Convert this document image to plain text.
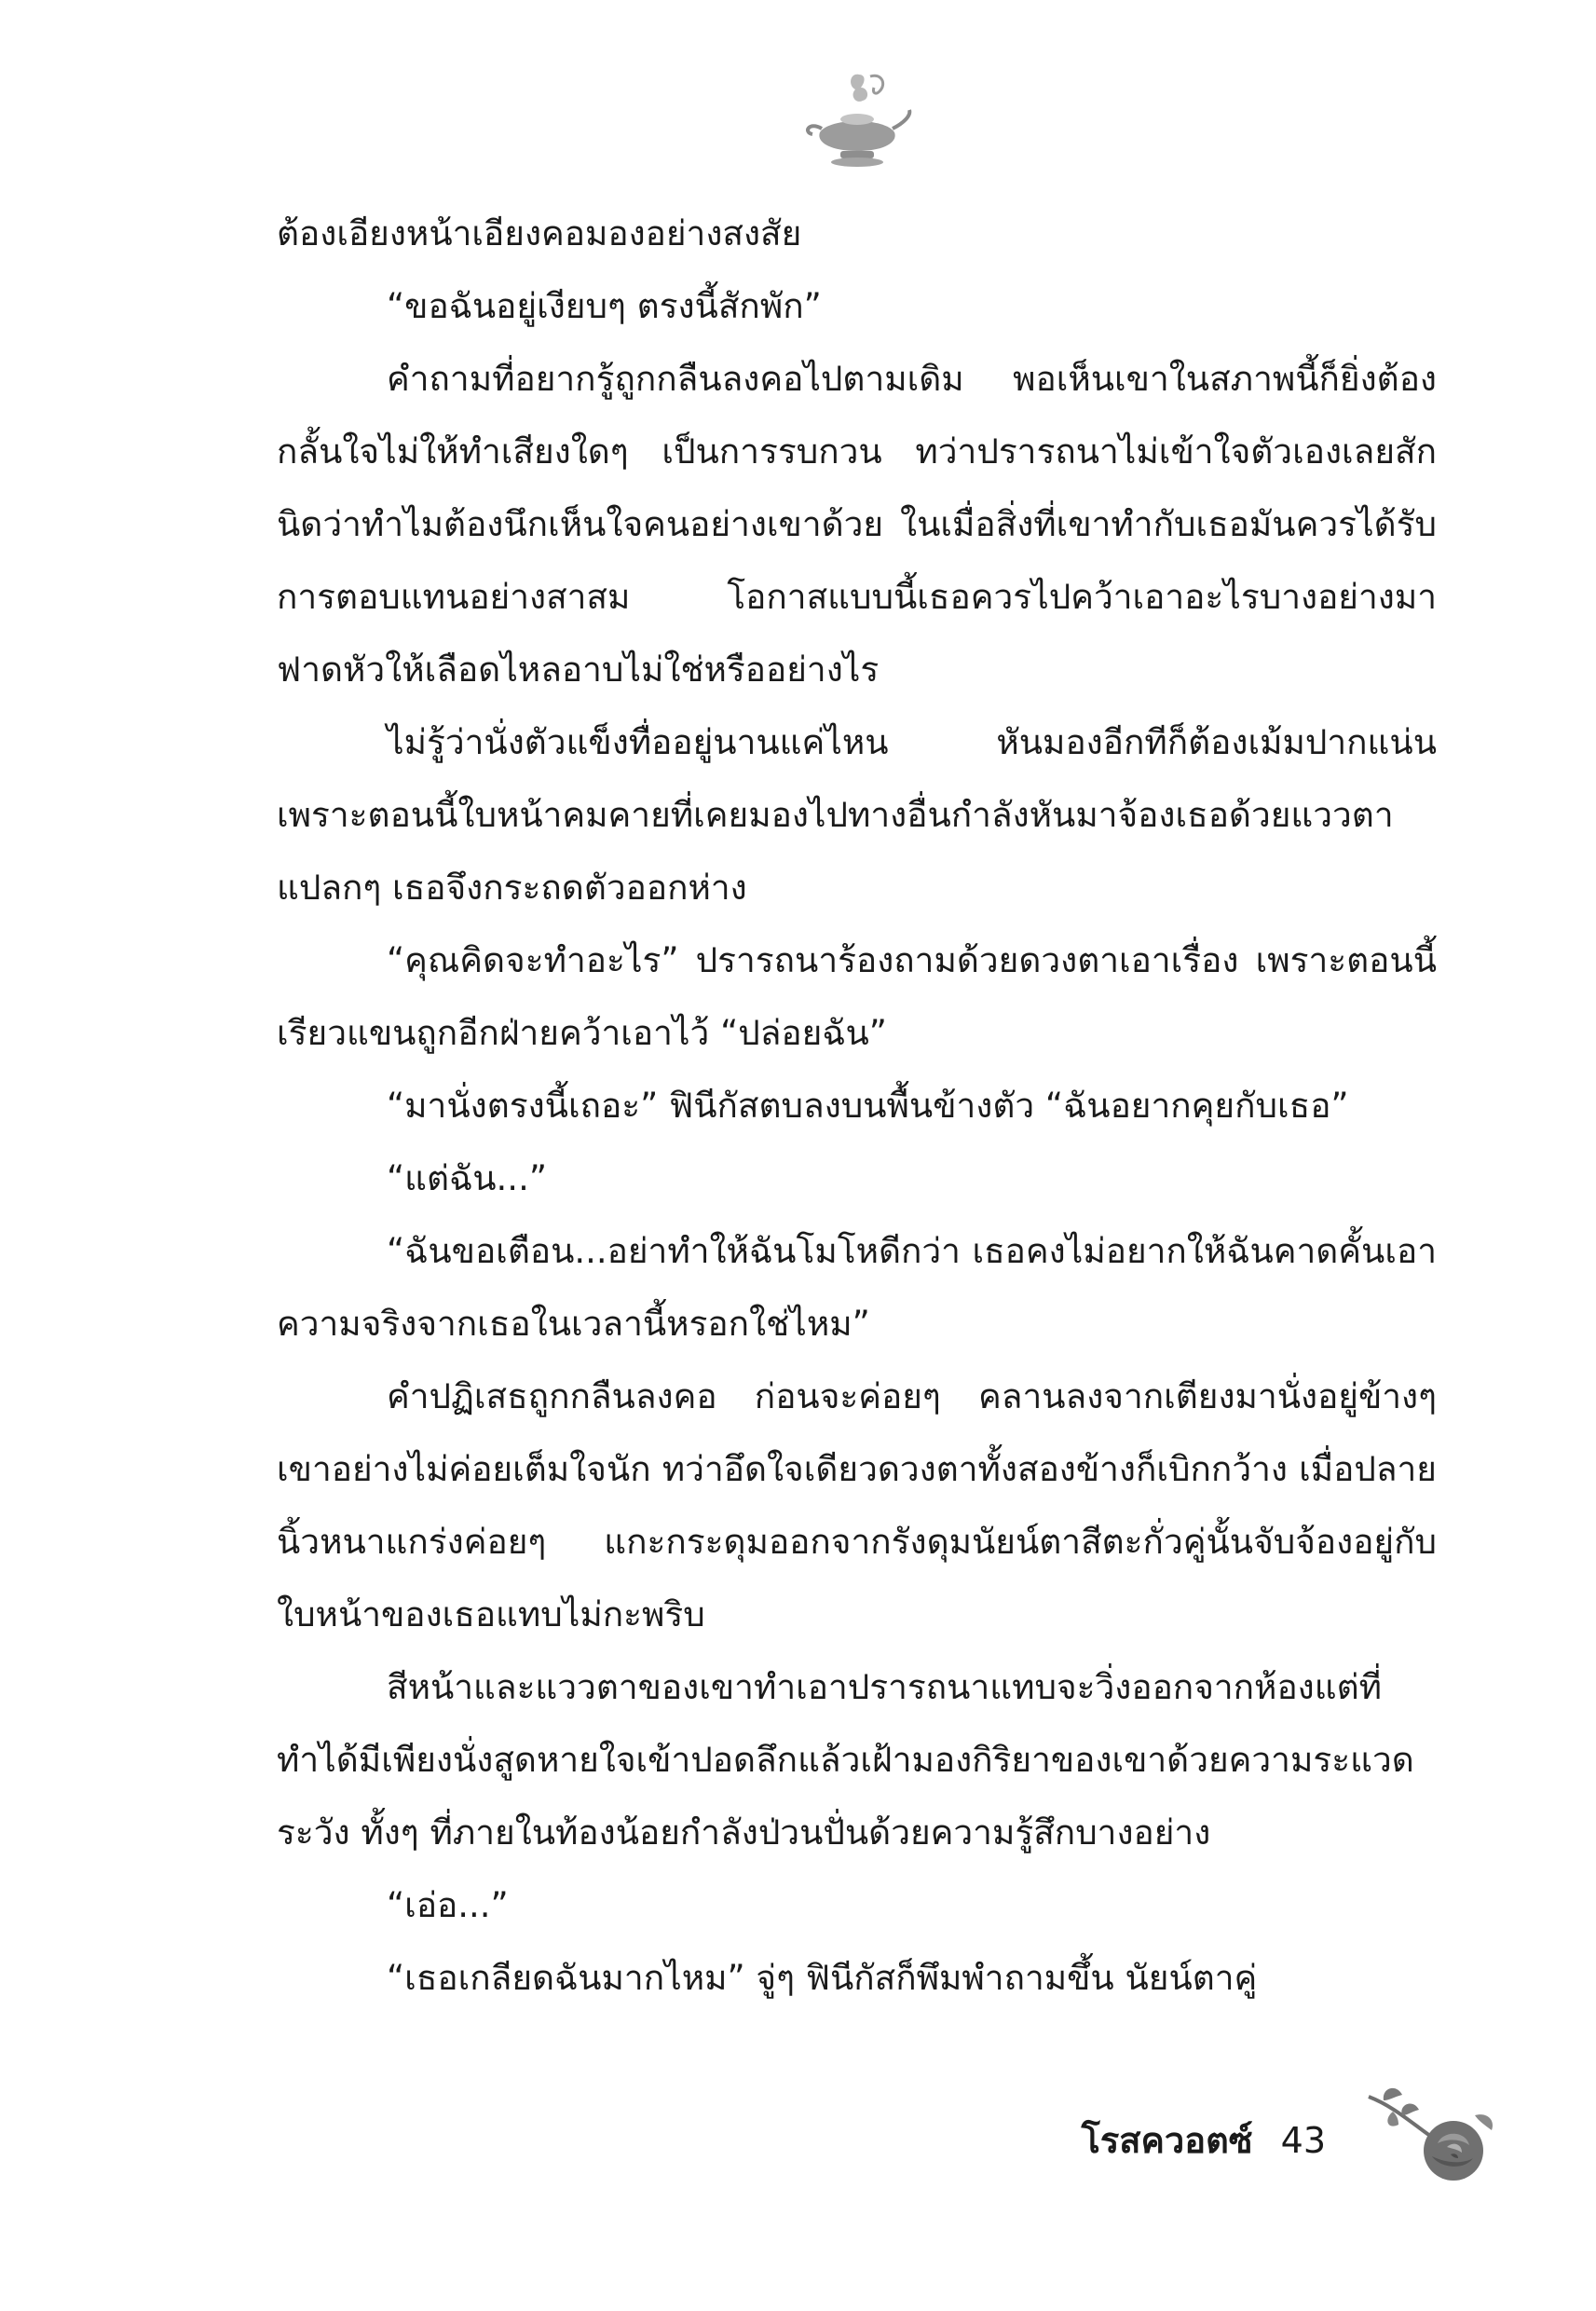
ต้องเอียงหน้าเอียงคอมองอย่างสงสัย

“ขอฉันอยู่เงียบๆ ตรงนี้สักพัก”

คำถามที่อยากรู้ถูกกลืนลงคอไปตามเดิม พอเห็นเขาในสภาพนี้ก็ยิ่งต้องกลั้นใจไม่ให้ทำเสียงใดๆ เป็นการรบกวน ทว่าปรารถนาไม่เข้าใจตัวเองเลยสักนิดว่าทำไมต้องนึกเห็นใจคนอย่างเขาด้วย ในเมื่อสิ่งที่เขาทำกับเธอมันควรได้รับการตอบแทนอย่างสาสม โอกาสแบบนี้เธอควรไปคว้าเอาอะไรบางอย่างมาฟาดหัวให้เลือดไหลอาบไม่ใช่หรืออย่างไร

ไม่รู้ว่านั่งตัวแข็งทื่ออยู่นานแค่ไหน หันมองอีกทีก็ต้องเม้มปากแน่น เพราะตอนนี้ใบหน้าคมคายที่เคยมองไปทางอื่นกำลังหันมาจ้องเธอด้วยแววตาแปลกๆ เธอจึงกระถดตัวออกห่าง

“คุณคิดจะทำอะไร” ปรารถนาร้องถามด้วยดวงตาเอาเรื่อง เพราะตอนนี้เรียวแขนถูกอีกฝ่ายคว้าเอาไว้ “ปล่อยฉัน”

“มานั่งตรงนี้เถอะ” ฟินีกัสตบลงบนพื้นข้างตัว “ฉันอยากคุยกับเธอ”

“แต่ฉัน...”

“ฉันขอเตือน...อย่าทำให้ฉันโมโหดีกว่า เธอคงไม่อยากให้ฉันคาดคั้นเอาความจริงจากเธอในเวลานี้หรอกใช่ไหม”

คำปฏิเสธถูกกลืนลงคอ ก่อนจะค่อยๆ คลานลงจากเตียงมานั่งอยู่ข้างๆ เขาอย่างไม่ค่อยเต็มใจนัก ทว่าอึดใจเดียวดวงตาทั้งสองข้างก็เบิกกว้าง เมื่อปลายนิ้วหนาแกร่งค่อยๆ แกะกระดุมออกจากรังดุมนัยน์ตาสีตะกั่วคู่นั้นจับจ้องอยู่กับใบหน้าของเธอแทบไม่กะพริบ

สีหน้าและแววตาของเขาทำเอาปรารถนาแทบจะวิ่งออกจากห้องแต่ที่ทำได้มีเพียงนั่งสูดหายใจเข้าปอดลึกแล้วเฝ้ามองกิริยาของเขาด้วยความระแวดระวัง ทั้งๆ ที่ภายในท้องน้อยกำลังป่วนปั่นด้วยความรู้สึกบางอย่าง

“เอ่อ...”

“เธอเกลียดฉันมากไหม” จู่ๆ ฟินีกัสก็พึมพำถามขึ้น นัยน์ตาคู่

โรสควอตซ์ 43
